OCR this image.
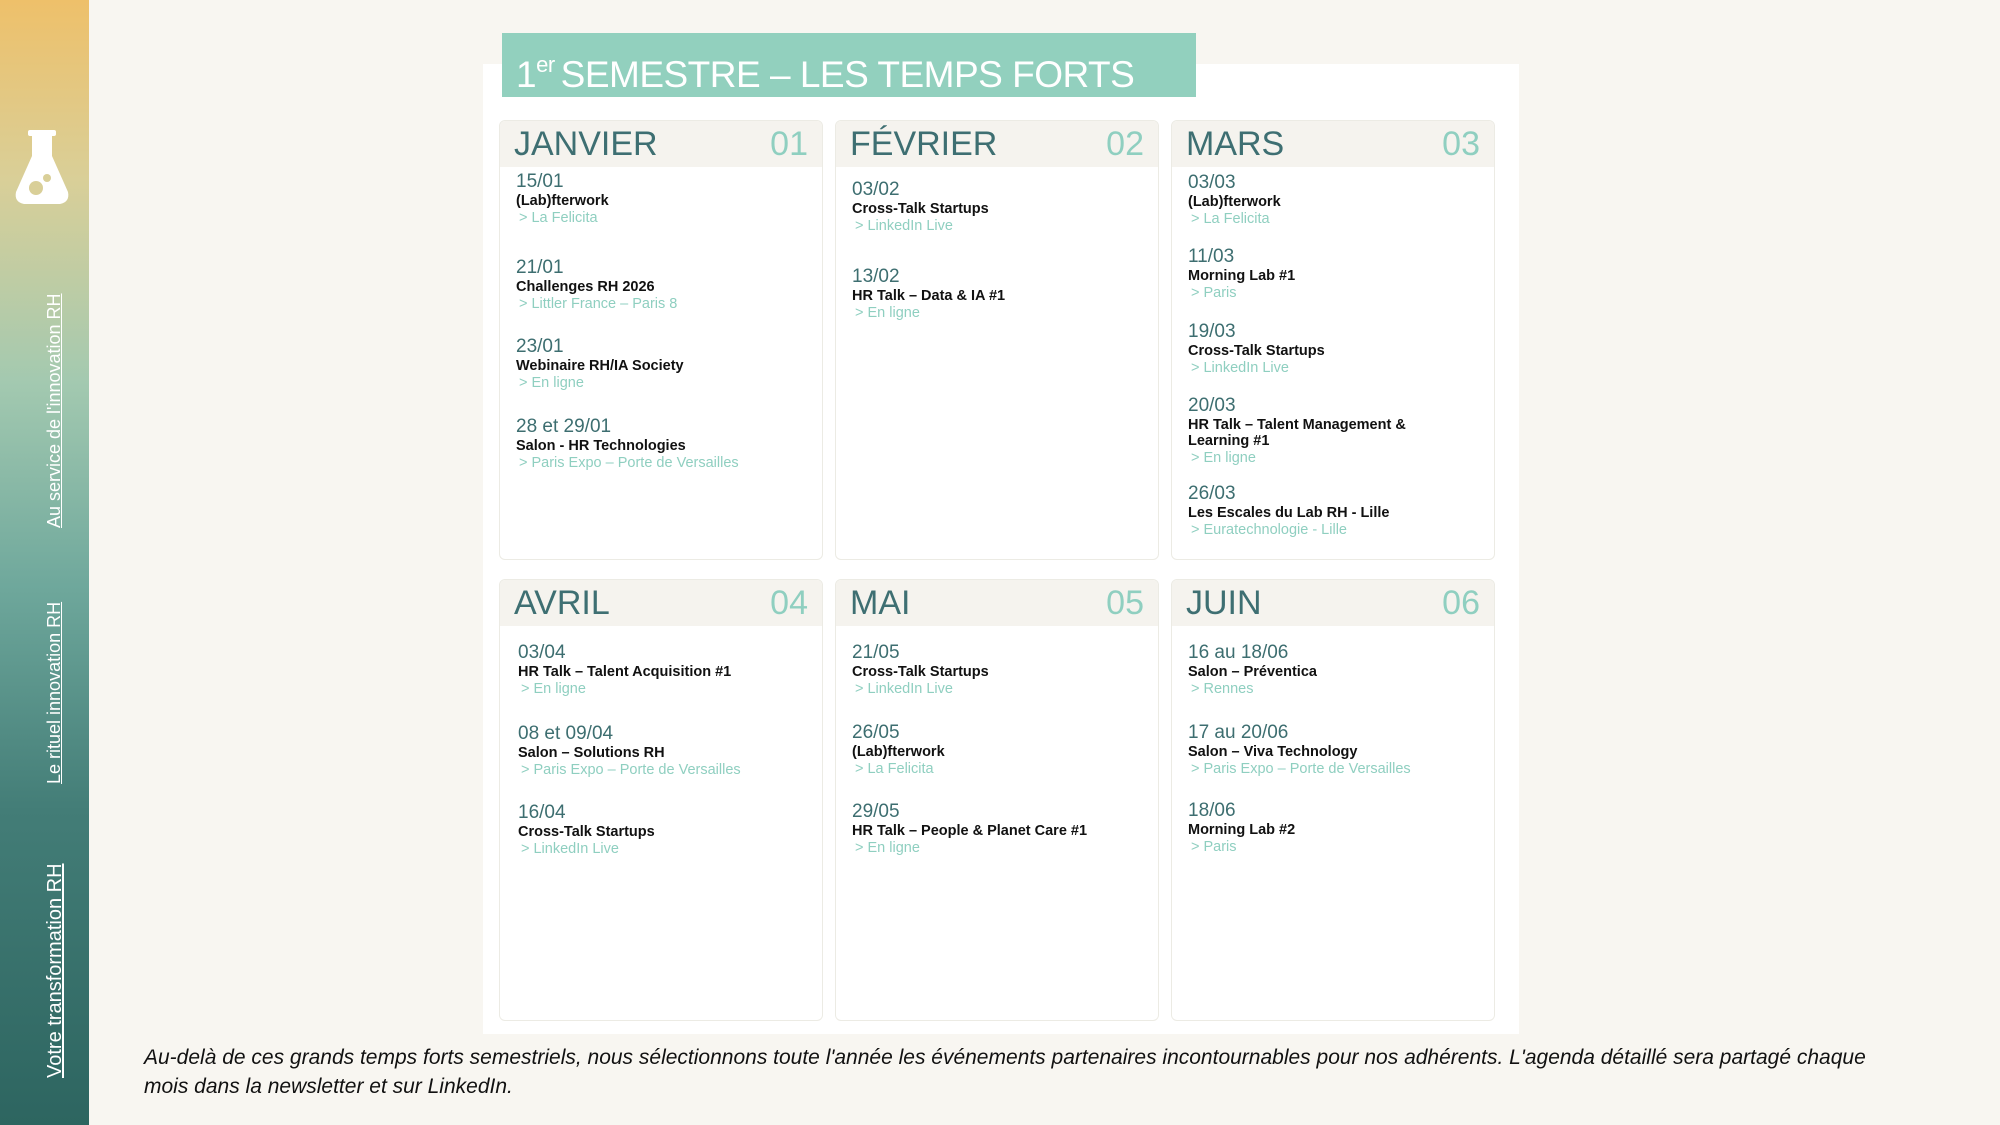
Au service de l'innovation RH
Le rituel innovation RH
Votre transformation RH
1er SEMESTRE – LES TEMPS FORTS
JANVIER	01
15/01
(Lab)fterwork
> La Felicita
21/01
Challenges RH 2026
> Littler France – Paris 8
23/01
Webinaire RH/IA Society
> En ligne
28 et 29/01
Salon - HR Technologies
> Paris Expo – Porte de Versailles
FÉVRIER	02
03/02
Cross-Talk Startups
> LinkedIn Live
13/02
HR Talk – Data & IA #1
> En ligne
MARS	03
03/03
(Lab)fterwork
> La Felicita
11/03
Morning Lab #1
> Paris
19/03
Cross-Talk Startups
> LinkedIn Live
20/03
HR Talk – Talent Management & Learning #1
> En ligne
26/03
Les Escales du Lab RH - Lille
> Euratechnologie - Lille
AVRIL	04
03/04
HR Talk – Talent Acquisition #1
> En ligne
08 et 09/04
Salon – Solutions RH
> Paris Expo – Porte de Versailles
16/04
Cross-Talk Startups
> LinkedIn Live
MAI	05
21/05
Cross-Talk Startups
> LinkedIn Live
26/05
(Lab)fterwork
> La Felicita
29/05
HR Talk – People & Planet Care #1
> En ligne
JUIN	06
16 au 18/06
Salon – Préventica
> Rennes
17 au 20/06
Salon – Viva Technology
> Paris Expo – Porte de Versailles
18/06
Morning Lab #2
> Paris
Au-delà de ces grands temps forts semestriels, nous sélectionnons toute l'année les événements partenaires incontournables pour nos adhérents. L'agenda détaillé sera partagé chaque mois dans la newsletter et sur LinkedIn.
